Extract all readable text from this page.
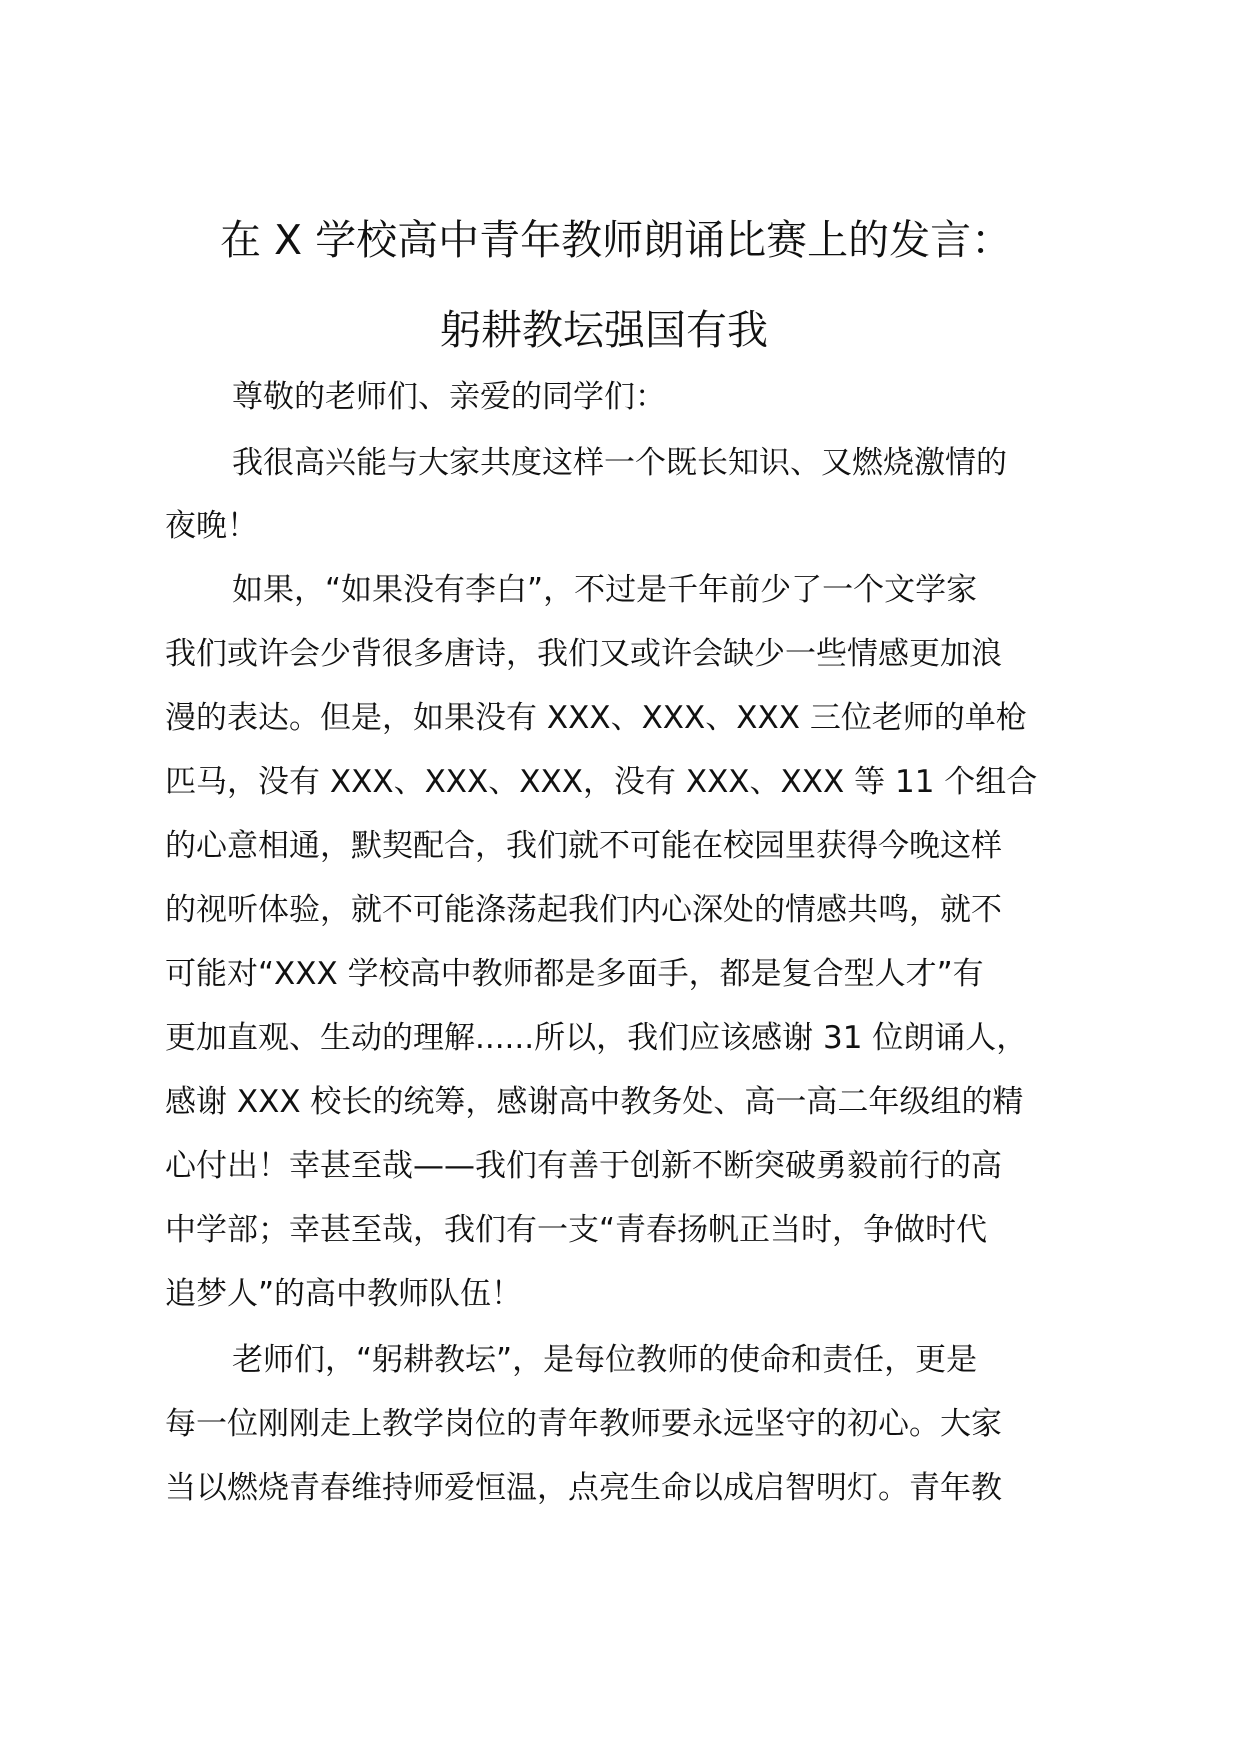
在 X 学校高中青年教师朗诵比赛上的发言：
躬耕教坛强国有我

尊敬的老师们、亲爱的同学们：

我很高兴能与大家共度这样一个既长知识、又燃烧激情的

夜晚！

如果，“如果没有李白”，不过是千年前少了一个文学家

我们或许会少背很多唐诗，我们又或许会缺少一些情感更加浪

漫的表达。但是，如果没有 XXX、XXX、XXX 三位老师的单枪

匹马，没有 XXX、XXX、XXX，没有 XXX、XXX 等 11 个组合

的心意相通，默契配合，我们就不可能在校园里获得今晚这样

的视听体验，就不可能涤荡起我们内心深处的情感共鸣，就不

可能对“XXX 学校高中教师都是多面手，都是复合型人才”有

更加直观、生动的理解......所以，我们应该感谢 31 位朗诵人，

感谢 XXX 校长的统筹，感谢高中教务处、高一高二年级组的精

心付出！幸甚至哉——我们有善于创新不断突破勇毅前行的高

中学部；幸甚至哉，我们有一支“青春扬帆正当时，争做时代

追梦人”的高中教师队伍！

老师们，“躬耕教坛”，是每位教师的使命和责任，更是

每一位刚刚走上教学岗位的青年教师要永远坚守的初心。大家

当以燃烧青春维持师爱恒温，点亮生命以成启智明灯。青年教
